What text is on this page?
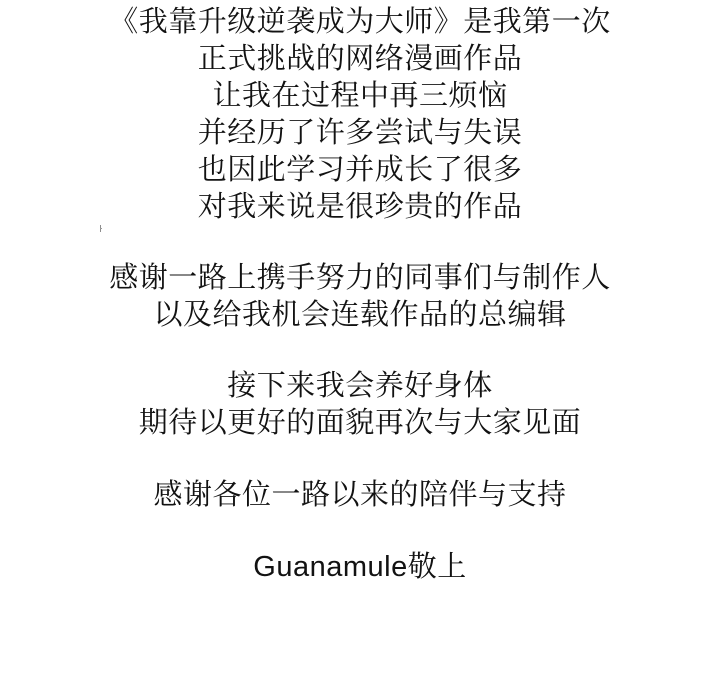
《我靠升级逆袭成为大师》是我第一次
正式挑战的网络漫画作品
让我在过程中再三烦恼
并经历了许多尝试与失误
也因此学习并成长了很多
对我来说是很珍贵的作品

感谢一路上携手努力的同事们与制作人
以及给我机会连载作品的总编辑

接下来我会养好身体
期待以更好的面貌再次与大家见面

感谢各位一路以来的陪伴与支持

Guanamule敬上
